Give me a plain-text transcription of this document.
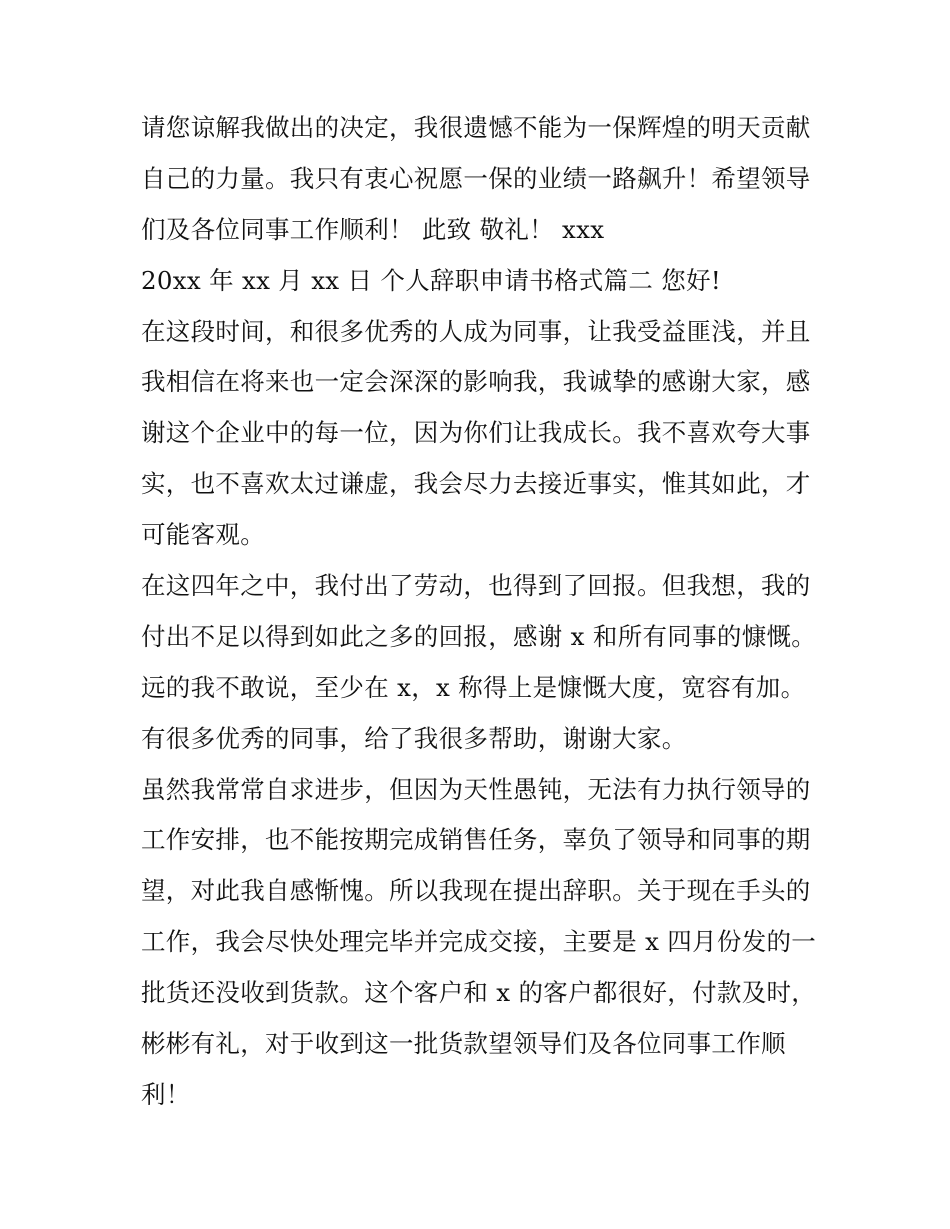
请您谅解我做出的决定，我很遗憾不能为一保辉煌的明天贡献
自己的力量。我只有衷心祝愿一保的业绩一路飙升！希望领导
们及各位同事工作顺利！ 此致 敬礼！ xxx
20xx 年 xx 月 xx 日 个人辞职申请书格式篇二 您好!
在这段时间，和很多优秀的人成为同事，让我受益匪浅，并且
我相信在将来也一定会深深的影响我，我诚挚的感谢大家，感
谢这个企业中的每一位，因为你们让我成长。我不喜欢夸大事
实，也不喜欢太过谦虚，我会尽力去接近事实，惟其如此，才
可能客观。
在这四年之中，我付出了劳动，也得到了回报。但我想，我的
付出不足以得到如此之多的回报，感谢 x 和所有同事的慷慨。
远的我不敢说，至少在 x，x 称得上是慷慨大度，宽容有加。
有很多优秀的同事，给了我很多帮助，谢谢大家。
虽然我常常自求进步，但因为天性愚钝，无法有力执行领导的
工作安排，也不能按期完成销售任务，辜负了领导和同事的期
望，对此我自感惭愧。所以我现在提出辞职。关于现在手头的
工作，我会尽快处理完毕并完成交接，主要是 x 四月份发的一
批货还没收到货款。这个客户和 x 的客户都很好，付款及时，
彬彬有礼，对于收到这一批货款望领导们及各位同事工作顺
利！
